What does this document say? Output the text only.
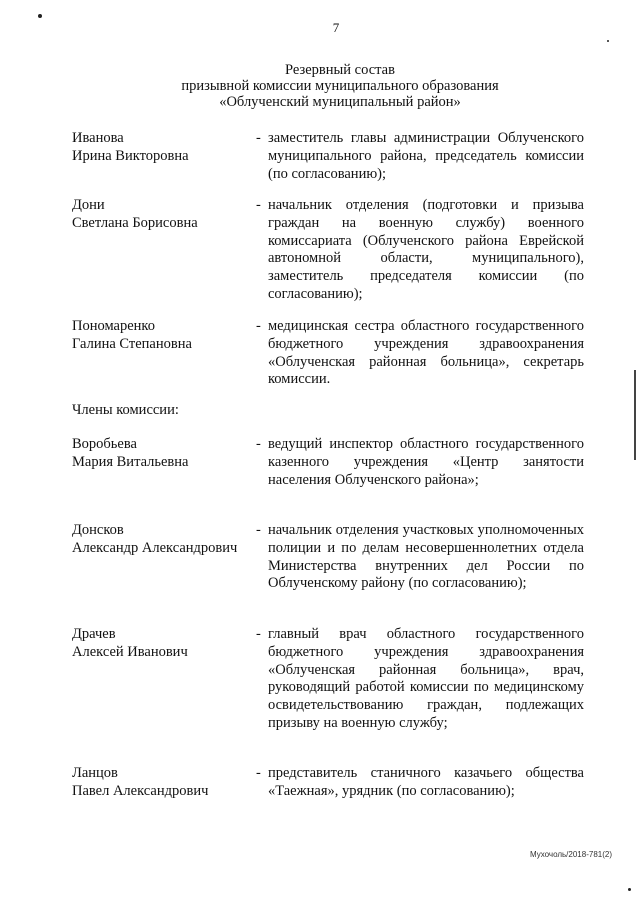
7
Резервный состав
призывной комиссии муниципального образования
«Облученский муниципальный район»
Иванова
Ирина Викторовна
- заместитель главы администрации Облученского муниципального района, председатель комиссии (по согласованию);
Дони
Светлана Борисовна
- начальник отделения (подготовки и призыва граждан на военную службу) военного комиссариата (Облученского района Еврейской автономной области, муниципального), заместитель председателя комиссии (по согласованию);
Пономаренко
Галина Степановна
- медицинская сестра областного государственного бюджетного учреждения здравоохранения «Облученская районная больница», секретарь комиссии.
Члены комиссии:
Воробьева
Мария Витальевна
- ведущий инспектор областного государственного казенного учреждения «Центр занятости населения Облученского района»;
Донсков
Александр Александрович
- начальник отделения участковых уполномоченных полиции и по делам несовершеннолетних отдела Министерства внутренних дел России по Облученскому району (по согласованию);
Драчев
Алексей Иванович
- главный врач областного государственного бюджетного учреждения здравоохранения «Облученская районная больница», врач, руководящий работой комиссии по медицинскому освидетельствованию граждан, подлежащих призыву на военную службу;
Ланцов
Павел Александрович
- представитель станичного казачьего общества «Таежная», урядник (по согласованию);
Мухочоль/2018-781(2)
